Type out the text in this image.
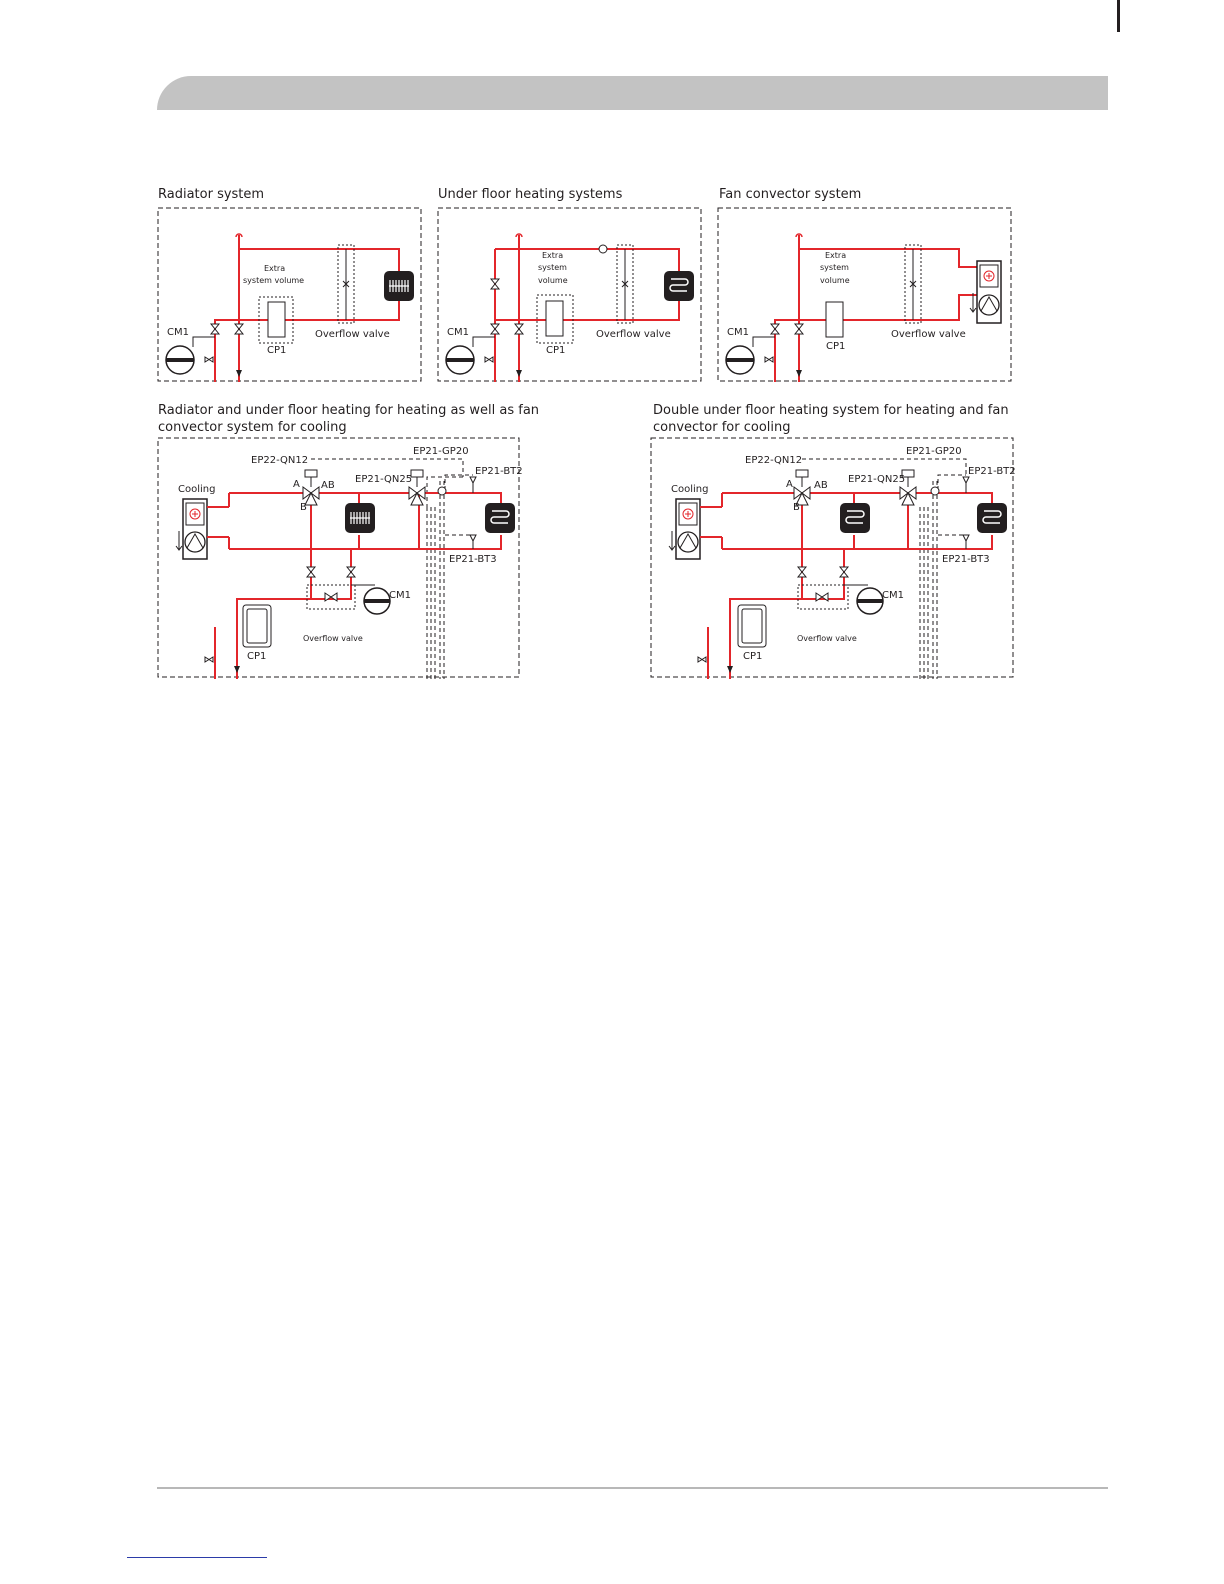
Radiator system	Under floor heating systems	Fan convector system
Radiator and under floor heating for heating as well as fan
convector system for cooling
Double under floor heating system for heating and fan
convector for cooling
CM1
CP1
Extra
system volume
Overflow valve	CM1
CP1
Extra
system
volume
Overflow valve	CM1
CP1
Extra
system
volume
Overflow valve
Cooling
EP22-QN12
EP21-GP20
EP21-QN25
EP21-BT2
EP21-BT3
A AB
B
CM1
CP1
Overflow valve
Cooling
EP22-QN12
EP21-GP20
EP21-QN25
EP21-BT2
EP21-BT3
A AB
B
CM1
CP1
Overflow valve
